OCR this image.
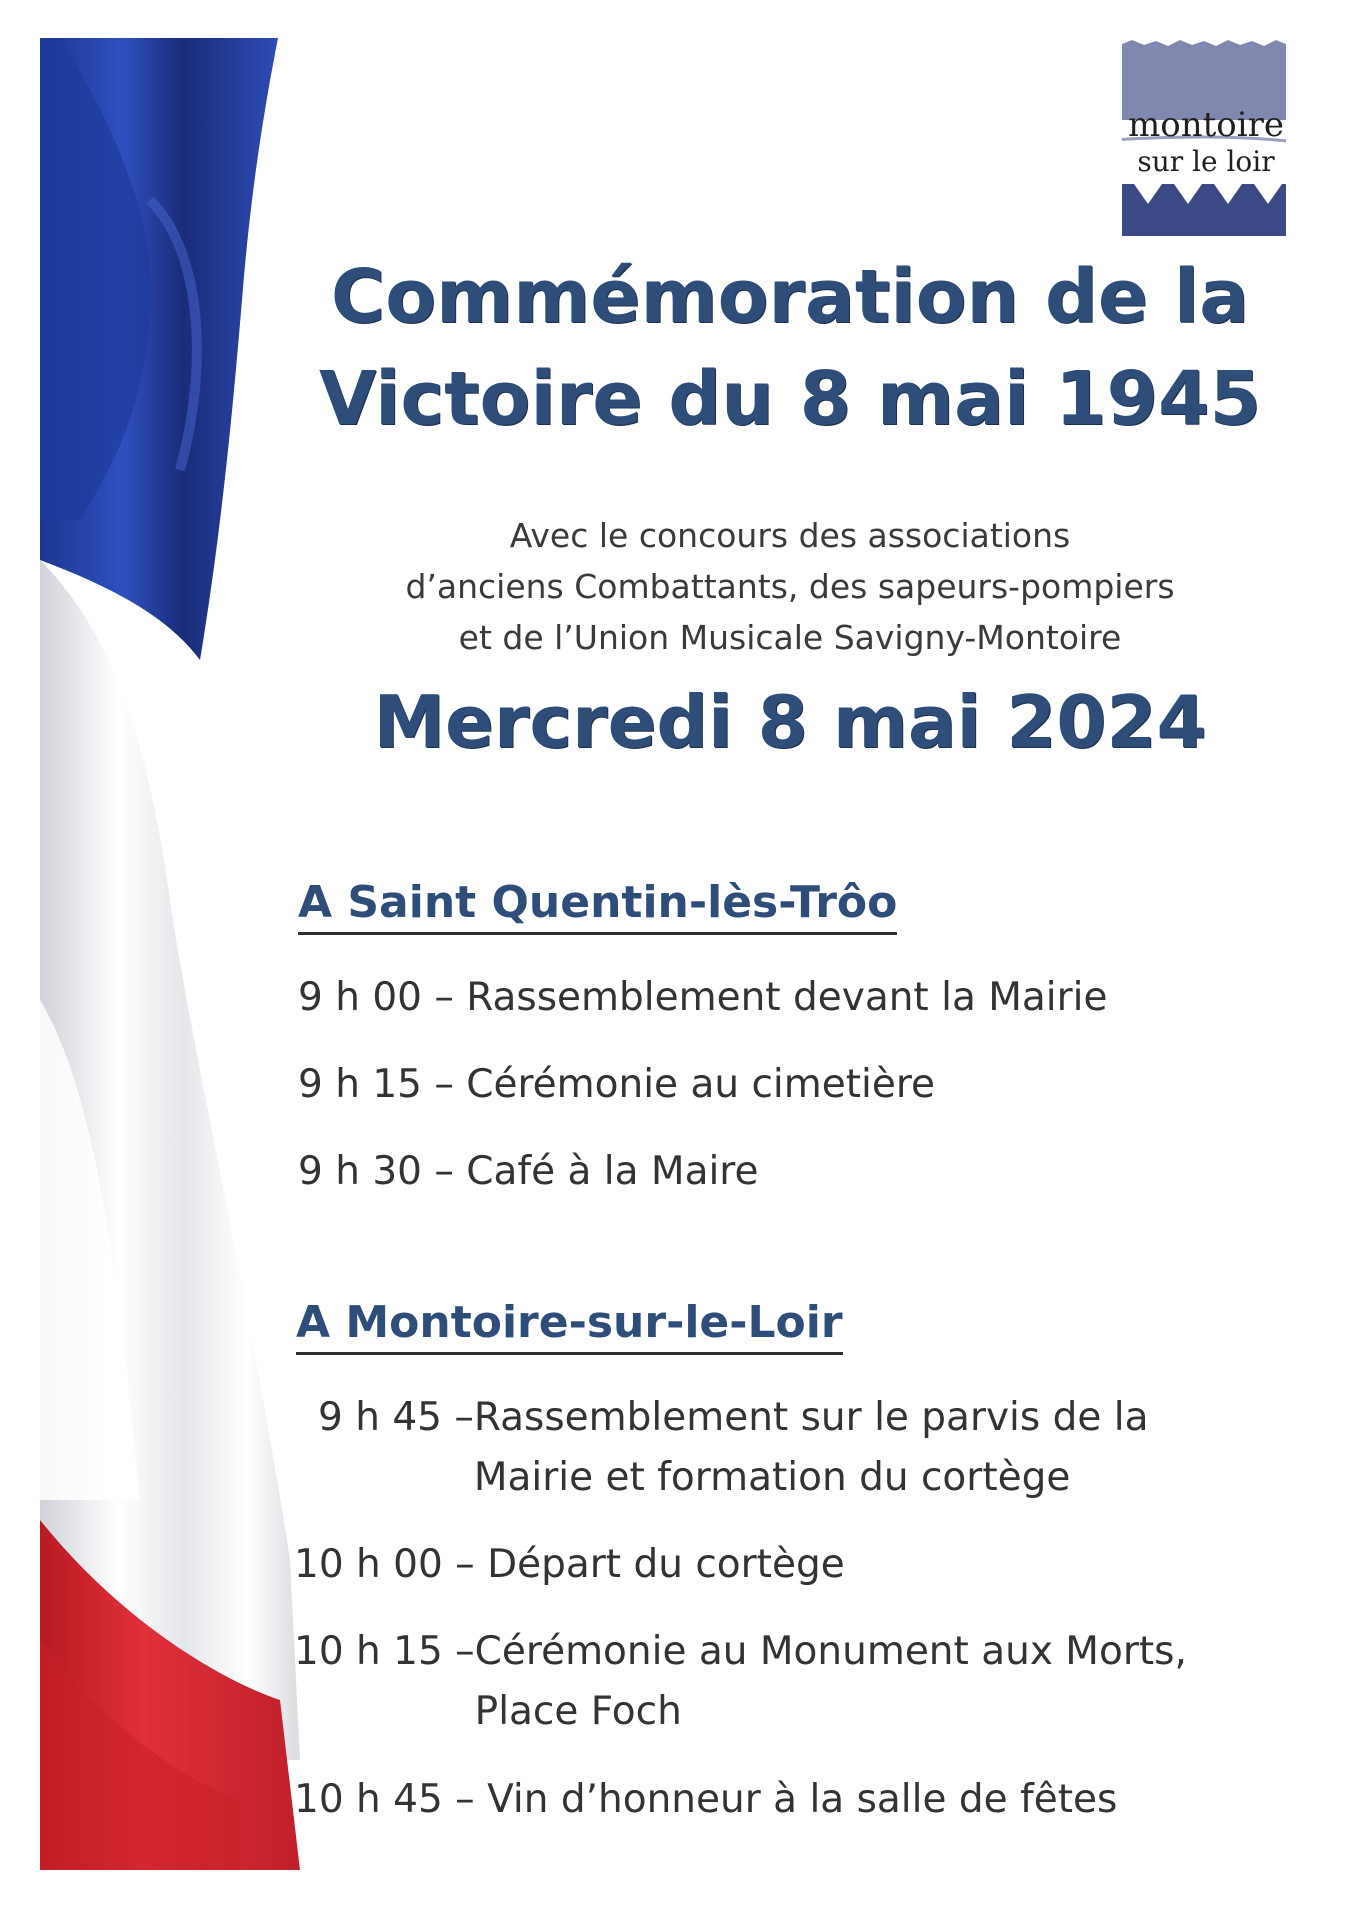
montoire
sur le loir
Commémoration de la
Victoire du 8 mai 1945
Avec le concours des associations
d’anciens Combattants, des sapeurs-pompiers
et de l’Union Musicale Savigny-Montoire
Mercredi 8 mai 2024
A Saint Quentin-lès-Trôo
9 h 00 – Rassemblement devant la Mairie
9 h 15 – Cérémonie au cimetière
9 h 30 – Café à la Maire
A Montoire-sur-le-Loir
9 h 45 – Rassemblement sur le parvis de la Mairie et formation du cortège
10 h 00 – Départ du cortège
10 h 15 – Cérémonie au Monument aux Morts, Place Foch
10 h 45 – Vin d’honneur à la salle de fêtes
